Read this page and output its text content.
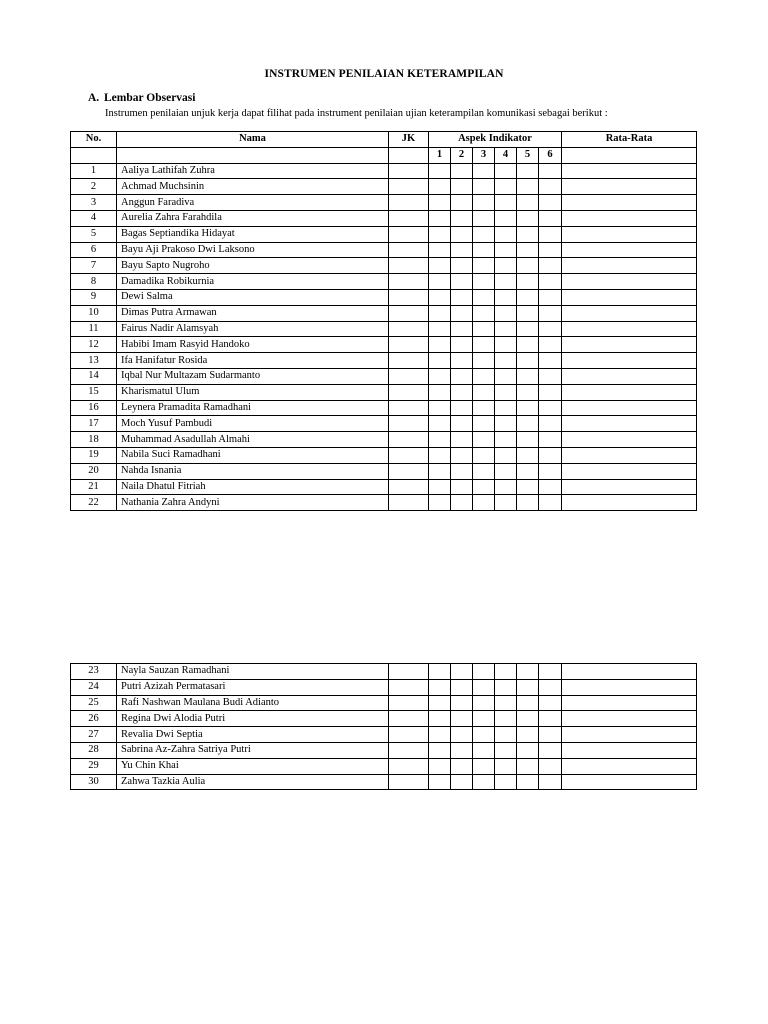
INSTRUMEN PENILAIAN KETERAMPILAN
A. Lembar Observasi
Instrumen penilaian unjuk kerja dapat filihat pada instrument penilaian ujian keterampilan komunikasi sebagai berikut :
No.	Nama	JK	Aspek Indikator						Rata-Rata
			1	2	3	4	5	6	
1	Aaliya Lathifah Zuhra								
2	Achmad Muchsinin								
3	Anggun Faradiva								
4	Aurelia Zahra Farahdila								
5	Bagas Septiandika Hidayat								
6	Bayu Aji Prakoso Dwi Laksono								
7	Bayu Sapto Nugroho								
8	Damadika Robikurnia								
9	Dewi Salma								
10	Dimas Putra Armawan								
11	Fairus Nadir Alamsyah								
12	Habibi Imam Rasyid Handoko								
13	Ifa Hanifatur Rosida								
14	Iqbal Nur Multazam Sudarmanto								
15	Kharismatul Ulum								
16	Leynera Pramadita Ramadhani								
17	Moch Yusuf Pambudi								
18	Muhammad Asadullah Almahi								
19	Nabila Suci Ramadhani								
20	Nahda Isnania								
21	Naila Dhatul Fitriah								
22	Nathania Zahra Andyni								
23	Nayla Sauzan Ramadhani								
24	Putri Azizah Permatasari								
25	Rafi Nashwan Maulana Budi Adianto								
26	Regina Dwi Alodia Putri								
27	Revalia Dwi Septia								
28	Sabrina Az-Zahra Satriya Putri								
29	Yu Chin Khai								
30	Zahwa Tazkia Aulia								
